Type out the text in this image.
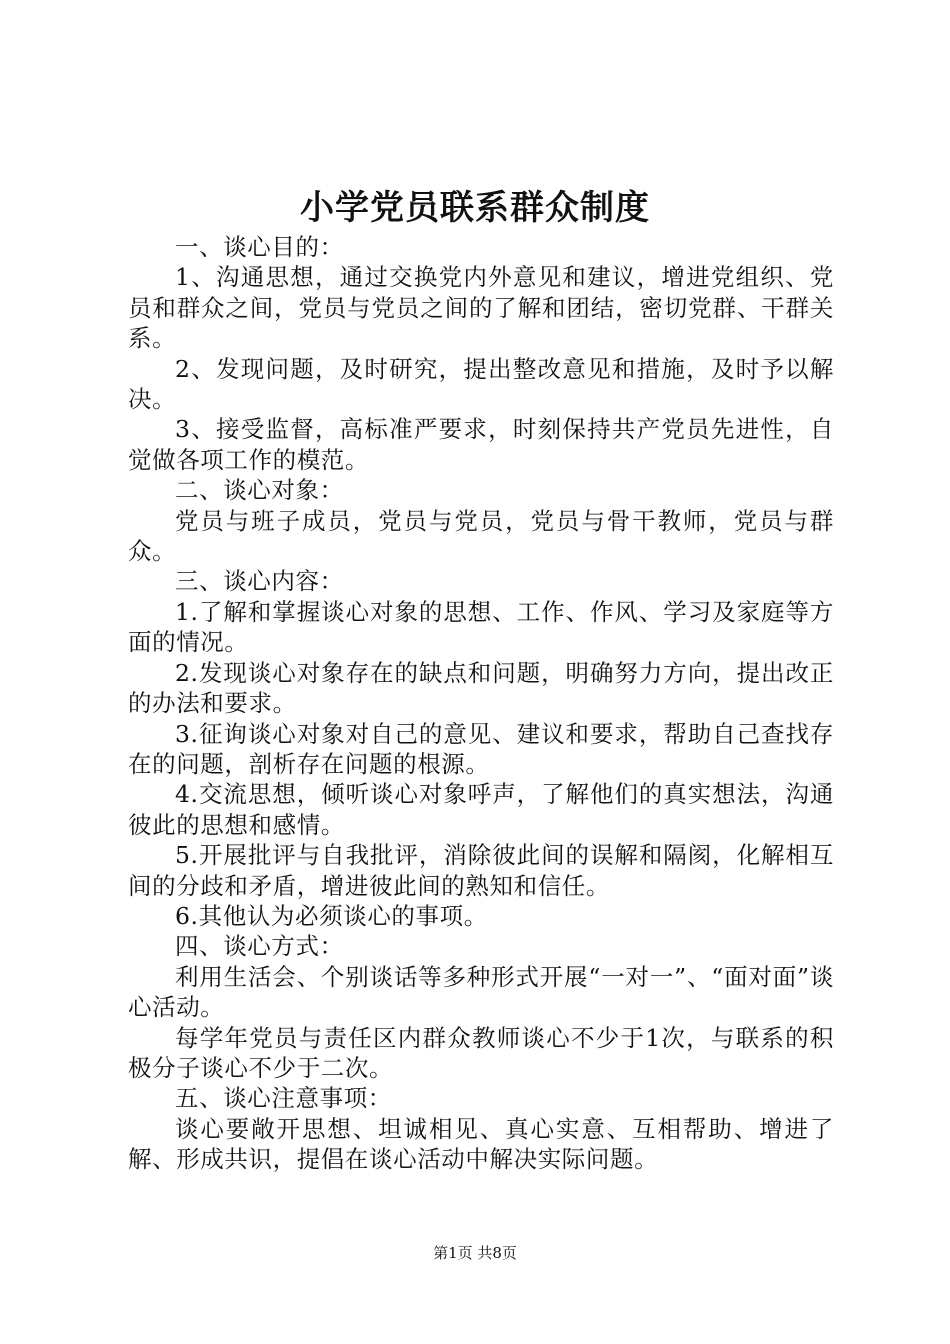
小学党员联系群众制度

一、谈心目的：

1、沟通思想，通过交换党内外意见和建议，增进党组织、党员和群众之间，党员与党员之间的了解和团结，密切党群、干群关系。

2、发现问题，及时研究，提出整改意见和措施，及时予以解决。

3、接受监督，高标准严要求，时刻保持共产党员先进性，自觉做各项工作的模范。

二、谈心对象：

党员与班子成员，党员与党员，党员与骨干教师，党员与群众。

三、谈心内容：

1.了解和掌握谈心对象的思想、工作、作风、学习及家庭等方面的情况。

2.发现谈心对象存在的缺点和问题，明确努力方向，提出改正的办法和要求。

3.征询谈心对象对自己的意见、建议和要求，帮助自己查找存在的问题，剖析存在问题的根源。

4.交流思想，倾听谈心对象呼声，了解他们的真实想法，沟通彼此的思想和感情。

5.开展批评与自我批评，消除彼此间的误解和隔阂，化解相互间的分歧和矛盾，增进彼此间的熟知和信任。

6.其他认为必须谈心的事项。

四、谈心方式：

利用生活会、个别谈话等多种形式开展“一对一”、“面对面”谈心活动。

每学年党员与责任区内群众教师谈心不少于1次，与联系的积极分子谈心不少于二次。

五、谈心注意事项：

谈心要敞开思想、坦诚相见、真心实意、互相帮助、增进了解、形成共识，提倡在谈心活动中解决实际问题。

第1页 共8页
